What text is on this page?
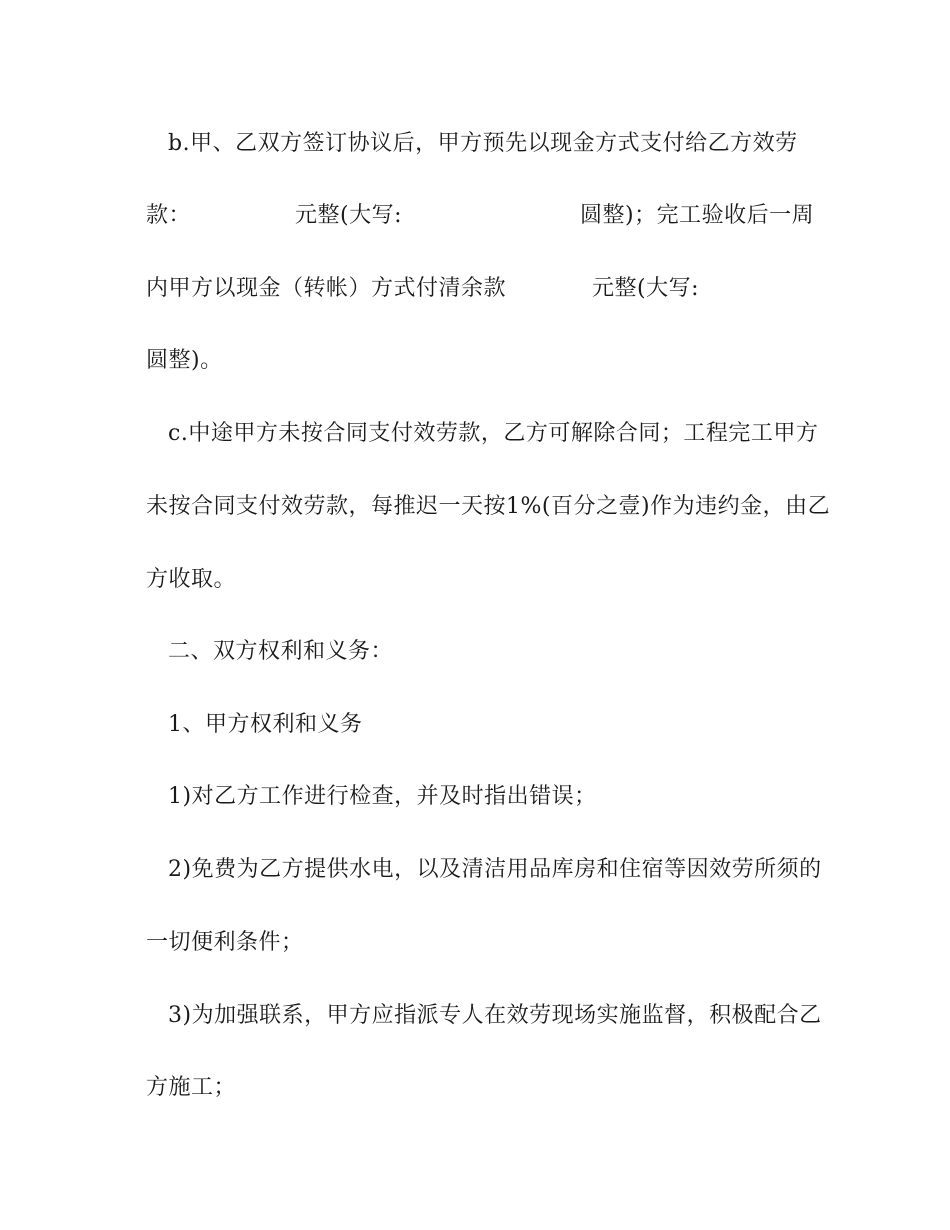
b.甲、乙双方签订协议后，甲方预先以现金方式支付给乙方效劳
款：	元整(大写:	圆整)；完工验收后一周
内甲方以现金（转帐）方式付清余款	元整(大写:
圆整)。
c.中途甲方未按合同支付效劳款，乙方可解除合同；工程完工甲方
未按合同支付效劳款，每推迟一天按1%(百分之壹)作为违约金，由乙
方收取。
二、双方权利和义务：
1、甲方权利和义务
1)对乙方工作进行检查，并及时指出错误；
2)免费为乙方提供水电，以及清洁用品库房和住宿等因效劳所须的
一切便利条件；
3)为加强联系，甲方应指派专人在效劳现场实施监督，积极配合乙
方施工；
